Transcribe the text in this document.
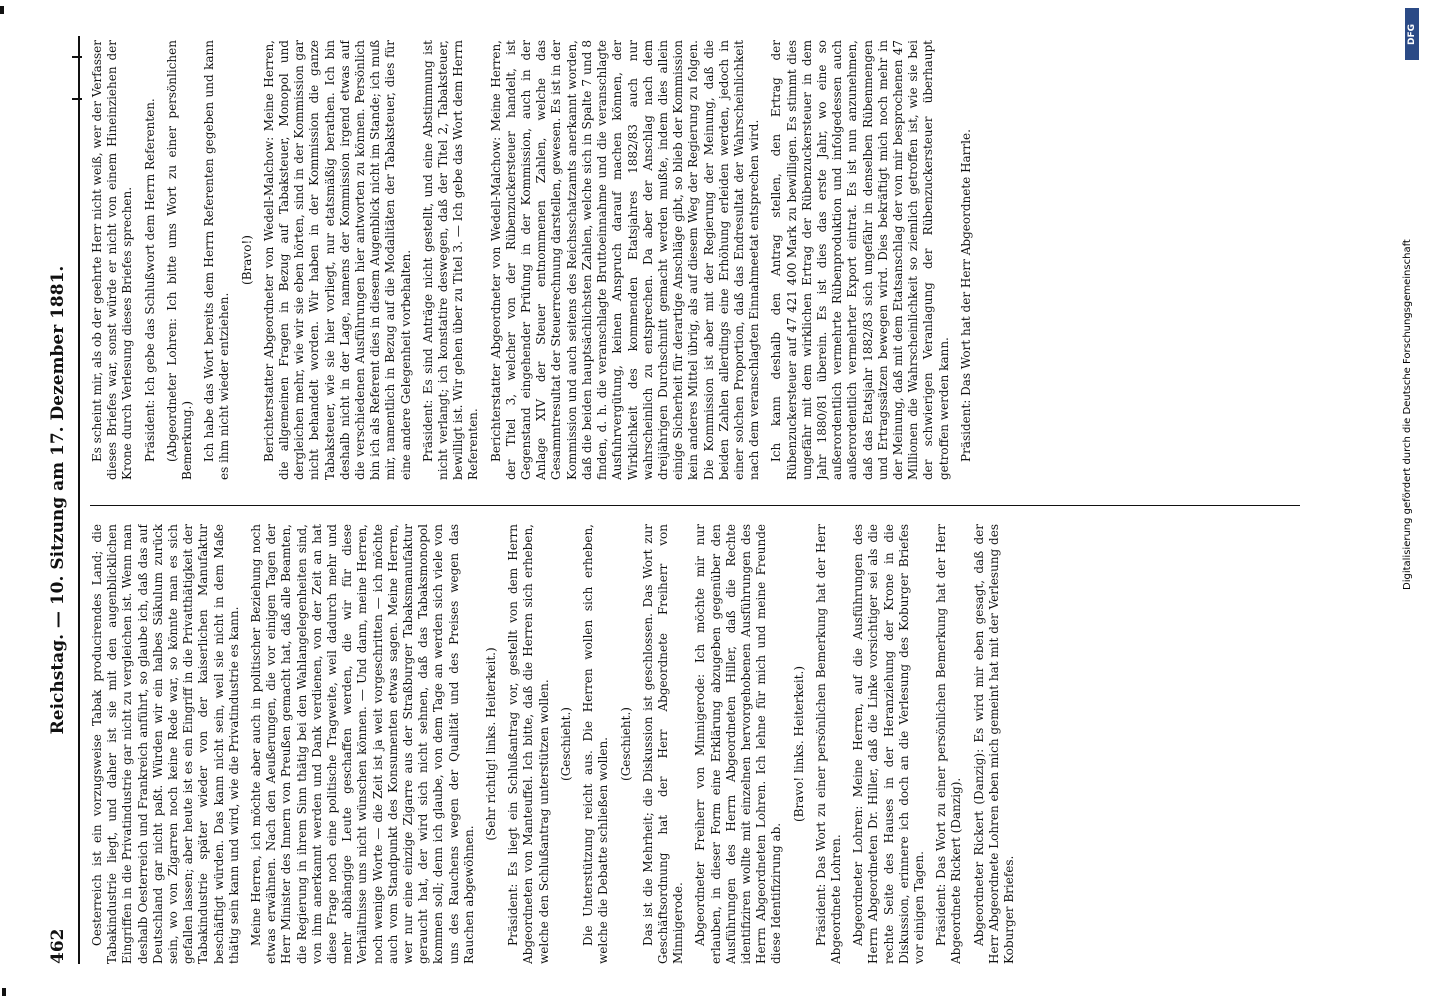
462
Reichstag. — 10. Sitzung am 17. Dezember 1881.

Oesterreich ist ein vorzugsweise Tabak producirendes Land; die Tabakindustrie liegt, und daher ist sie mit den augenblicklichen Eingriffen in die Privatindustrie gar nicht zu vergleichen ist. Wenn man deshalb Oesterreich und Frankreich anführt, so glaube ich, daß das auf Deutschland gar nicht paßt. Würden wir ein halbes Säkulum zurück sein, wo von Zigarren noch keine Rede war, so könnte man es sich gefallen lassen; aber heute ist es ein Eingriff in die Privatthätigkeit der Tabakindustrie später wieder von der kaiserlichen Manufaktur beschäftigt würden. Das kann nicht sein, weil sie nicht in dem Maße thätig sein kann und wird, wie die Privatindustrie es kann. Meine Herren, ich möchte aber auch in politischer Beziehung noch etwas erwähnen. Nach den Aeußerungen, die vor einigen Tagen der Herr Minister des Innern von Preußen gemacht hat, daß alle Beamten, die Regierung in ihrem Sinn thätig bei den Wahlangelegenheiten sind, von ihm anerkannt werden und Dank verdienen, von der Zeit an hat diese Frage noch eine politische Tragweite, weil dadurch mehr und mehr abhängige Leute geschaffen werden, die wir für diese Verhältnisse uns nicht wünschen können. — Und dann, meine Herren, noch wenige Worte — die Zeit ist ja weit vorgeschritten — ich möchte auch vom Standpunkt des Konsumenten etwas sagen. Meine Herren, wer nur eine einzige Zigarre aus der Straßburger Tabaksmanufaktur geraucht hat, der wird sich nicht sehnen, daß das Tabaksmonopol kommen soll; denn ich glaube, von dem Tage an werden sich viele von uns des Rauchens wegen der Qualität und des Preises wegen das Rauchen abgewöhnen.

(Sehr richtig! links. Heiterkeit.) Präsident: Es liegt ein Schlußantrag vor, gestellt von dem Herrn Abgeordneten von Manteuffel. Ich bitte, daß die Herren sich erheben, welche den Schlußantrag unterstützen wollen. (Geschieht.) Die Unterstützung reicht aus. Die Herren wollen sich erheben, welche die Debatte schließen wollen. (Geschieht.) Das ist die Mehrheit; die Diskussion ist geschlossen. Das Wort zur Geschäftsordnung hat der Herr Abgeordnete Freiherr von Minnigerode. Abgeordneter Freiherr von Minnigerode: Ich möchte mir nur erlauben, in dieser Form eine Erklärung abzugeben gegenüber den Ausführungen des Herrn Abgeordneten Hiller, daß die Rechte identifiziren wollte mit einzelnen hervorgehobenen Ausführungen des Herrn Abgeordneten Lohren. Ich lehne für mich und meine Freunde diese Identifizirung ab.

(Bravo! links. Heiterkeit.) Präsident: Das Wort zu einer persönlichen Bemerkung hat der Herr Abgeordnete Lohren. Abgeordneter Lohren: Meine Herren, auf die Ausführungen des Herrn Abgeordneten Dr. Hiller, daß die Linke vorsichtiger sei als die rechte Seite des Hauses in der Heranziehung der Krone in die Diskussion, erinnere ich doch an die Verlesung des Koburger Briefes vor einigen Tagen. Präsident: Das Wort zu einer persönlichen Bemerkung hat der Herr Abgeordnete Rickert (Danzig). Abgeordneter Rickert (Danzig): Es wird mir eben gesagt, daß der Herr Abgeordnete Lohren eben mich gemeint hat mit der Verlesung des Koburger Briefes.

Es scheint mir, als ob der geehrte Herr nicht weiß, wer der Verfasser dieses Briefes war, sonst würde er nicht von einem Hineinziehen der Krone durch Verlesung dieses Briefes sprechen. Präsident: Ich gebe das Schlußwort dem Herrn Referenten. (Abgeordneter Lohren: Ich bitte ums Wort zu einer persönlichen Bemerkung.) Ich habe das Wort bereits dem Herrn Referenten gegeben und kann es ihm nicht wieder entziehen.

(Bravo!) Berichterstatter Abgeordneter von Wedell-Malchow: Meine Herren, die allgemeinen Fragen in Bezug auf Tabaksteuer, Monopol und dergleichen mehr, wie wir sie eben hörten, sind in der Kommission gar nicht behandelt worden. Wir haben in der Kommission die ganze Tabaksteuer, wie sie hier vorliegt, nur etatsmäßig berathen. Ich bin deshalb nicht in der Lage, namens der Kommission irgend etwas auf die verschiedenen Ausführungen hier antworten zu können. Persönlich bin ich als Referent dies in diesem Augenblick nicht im Stande; ich muß mir, namentlich in Bezug auf die Modalitäten der Tabaksteuer, dies für eine andere Gelegenheit vorbehalten. Präsident: Es sind Anträge nicht gestellt, und eine Abstimmung ist nicht verlangt; ich konstatire deswegen, daß der Titel 2, Tabaksteuer, bewilligt ist. Wir gehen über zu Titel 3. — Ich gebe das Wort dem Herrn Referenten. Berichterstatter Abgeordneter von Wedell-Malchow: Meine Herren, der Titel 3, welcher von der Rübenzuckersteuer handelt, ist Gegenstand eingehender Prüfung in der Kommission, auch in der Anlage XIV der Steuer entnommenen Zahlen, welche das Gesammtresultat der Steuerrechnung darstellen, gewesen. Es ist in der Kommission und auch seitens des Reichsschatzamts anerkannt worden, daß die beiden hauptsächlichsten Zahlen, welche sich in Spalte 7 und 8 finden, d. h. die veranschlagte Bruttoeinnahme und die veranschlagte Ausfuhrvergütung, keinen Anspruch darauf machen können, der Wirklichkeit des kommenden Etatsjahres 1882/83 auch nur wahrscheinlich zu entsprechen. Da aber der Anschlag nach dem dreijährigen Durchschnitt gemacht werden mußte, indem dies allein einige Sicherheit für derartige Anschläge gibt, so blieb der Kommission kein anderes Mittel übrig, als auf diesem Weg der Regierung zu folgen. Die Kommission ist aber mit der Regierung der Meinung, daß die beiden Zahlen allerdings eine Erhöhung erleiden werden, jedoch in einer solchen Proportion, daß das Endresultat der Wahrscheinlichkeit nach dem veranschlagten Einnahmeetat entsprechen wird. Ich kann deshalb den Antrag stellen, den Ertrag der Rübenzuckersteuer auf 47 421 400 Mark zu bewilligen. Es stimmt dies ungefähr mit dem wirklichen Ertrag der Rübenzuckersteuer in dem Jahr 1880/81 überein. Es ist dies das erste Jahr, wo eine so außerordentlich vermehrte Rübenproduktion und infolgedessen auch außerordentlich vermehrter Export eintrat. Es ist nun anzunehmen, daß das Etatsjahr 1882/83 sich ungefähr in denselben Rübenmengen und Ertragssätzen bewegen wird. Dies bekräftigt mich noch mehr in der Meinung, daß mit dem Etatsanschlag der von mir besprochenen 47 Millionen die Wahrscheinlichkeit so ziemlich getroffen ist, wie sie bei der schwierigen Veranlagung der Rübenzuckersteuer überhaupt getroffen werden kann. Präsident: Das Wort hat der Herr Abgeordnete Harrle.

DFG
Digitalisierung gefördert durch die Deutsche Forschungsgemeinschaft
